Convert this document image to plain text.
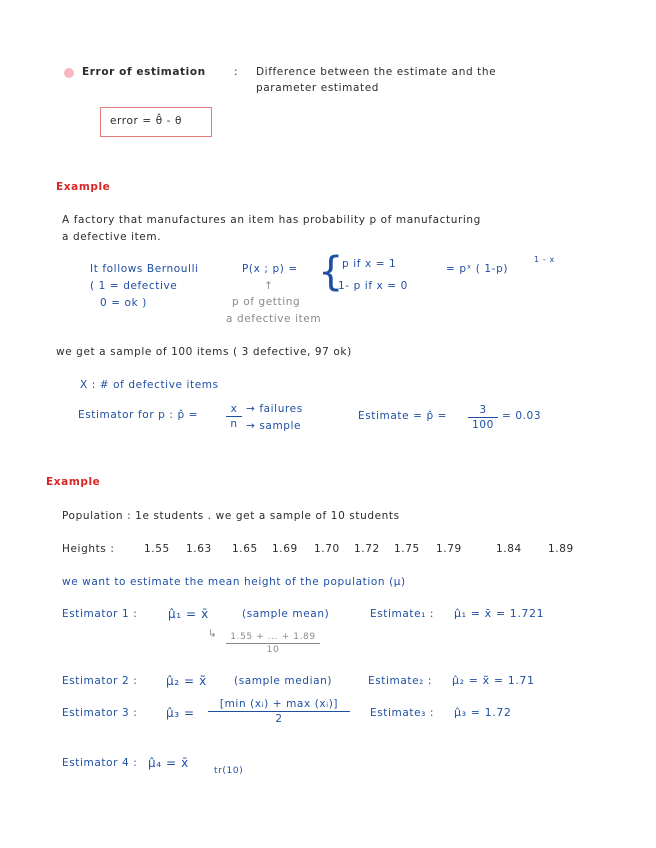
Error of estimation	: Difference between the estimate and the
parameter estimated
error = θ̂ - θ
Example
A factory that manufactures an item has probability p of manufacturing
a defective item.
It follows Bernoulli
( 1 = defective
0 = ok )
P(x ; p) = {
p if x = 1
1- p if x = 0
= pˣ ( 1-p)
1 - x
↑
p of getting
a defective item
we get a sample of 100 items ( 3 defective, 97 ok)
X : # of defective items
Estimator for p : p̂ =	$\frac{x}{n}$ → failures
→ sample
Estimate = p̂ = $\frac{3}{100} = 0.03$
Example
Population : 1e students . we get a sample of 10 students
Heights :	1.55 1.63 1.65 1.69 1.70 1.72 1.75 1.79	1.84 1.89
we want to estimate the mean height of the population (μ)
Estimator 1 :	μ̂₁ = x̄	(sample mean)
↳ $\frac{1.55 + ... + 1.89}{10}$
Estimate₁ : μ̂₁ = x̄ = 1.721
Estimator 2 : μ̂₂ = x̃	(sample median)	Estimate₂ : μ̂₂ = x̃ = 1.71
Estimator 3 : μ̂₃ =
[min (xᵢ) + max (xᵢ)]
2	Estimate₃ : μ̂₃ = 1.72
Estimator 4 : μ̂₄ = x̄
tr(10)
